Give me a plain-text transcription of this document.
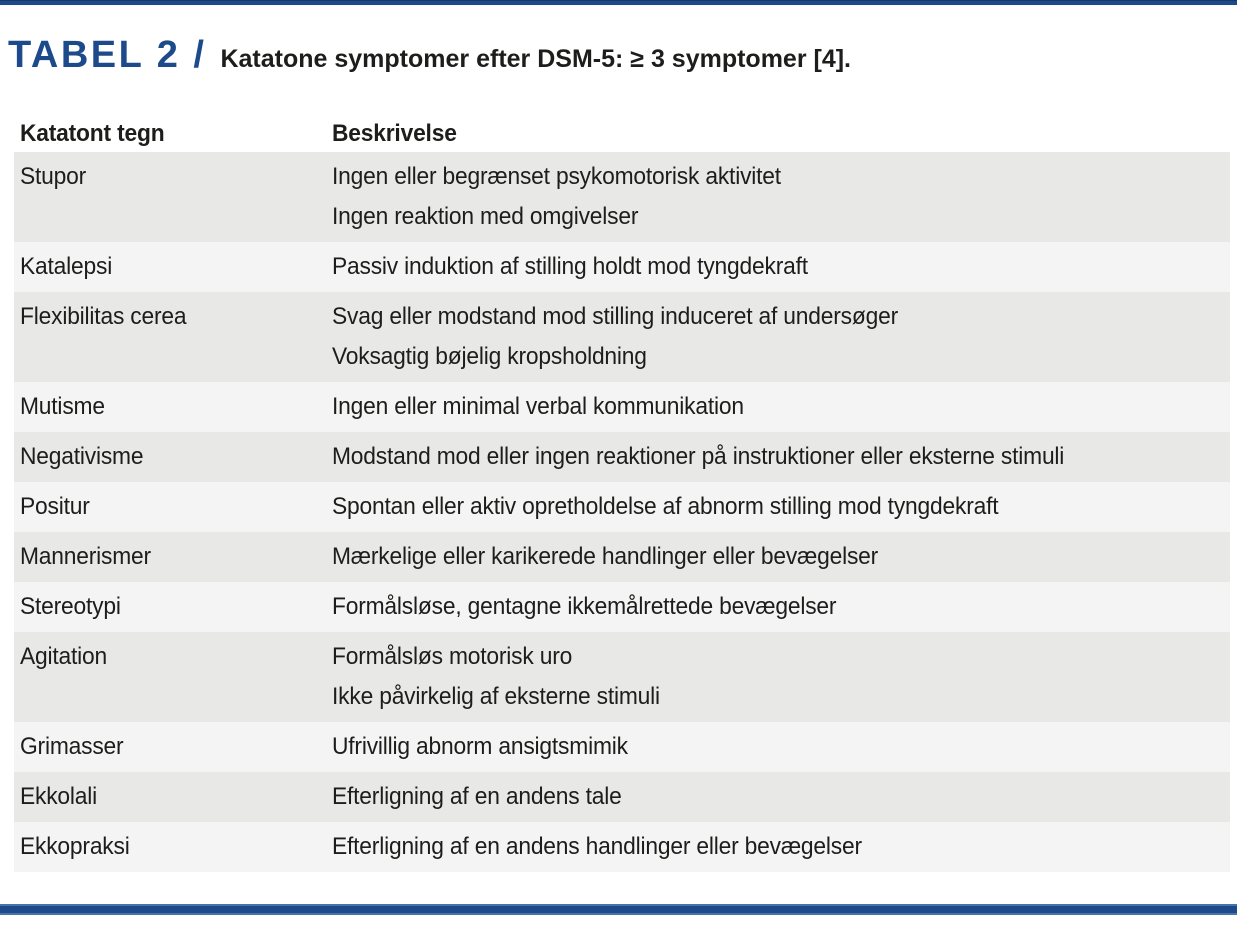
TABEL 2 / Katatone symptomer efter DSM-5: ≥ 3 symptomer [4].
Katatont tegn	Beskrivelse
Stupor	Ingen eller begrænset psykomotorisk aktivitet
Ingen reaktion med omgivelser
Katalepsi	Passiv induktion af stilling holdt mod tyngdekraft
Flexibilitas cerea	Svag eller modstand mod stilling induceret af undersøger
Voksagtig bøjelig kropsholdning
Mutisme	Ingen eller minimal verbal kommunikation
Negativisme	Modstand mod eller ingen reaktioner på instruktioner eller eksterne stimuli
Positur	Spontan eller aktiv opretholdelse af abnorm stilling mod tyngdekraft
Mannerismer	Mærkelige eller karikerede handlinger eller bevægelser
Stereotypi	Formålsløse, gentagne ikkemålrettede bevægelser
Agitation	Formålsløs motorisk uro
Ikke påvirkelig af eksterne stimuli
Grimasser	Ufrivillig abnorm ansigtsmimik
Ekkolali	Efterligning af en andens tale
Ekkopraksi	Efterligning af en andens handlinger eller bevægelser
